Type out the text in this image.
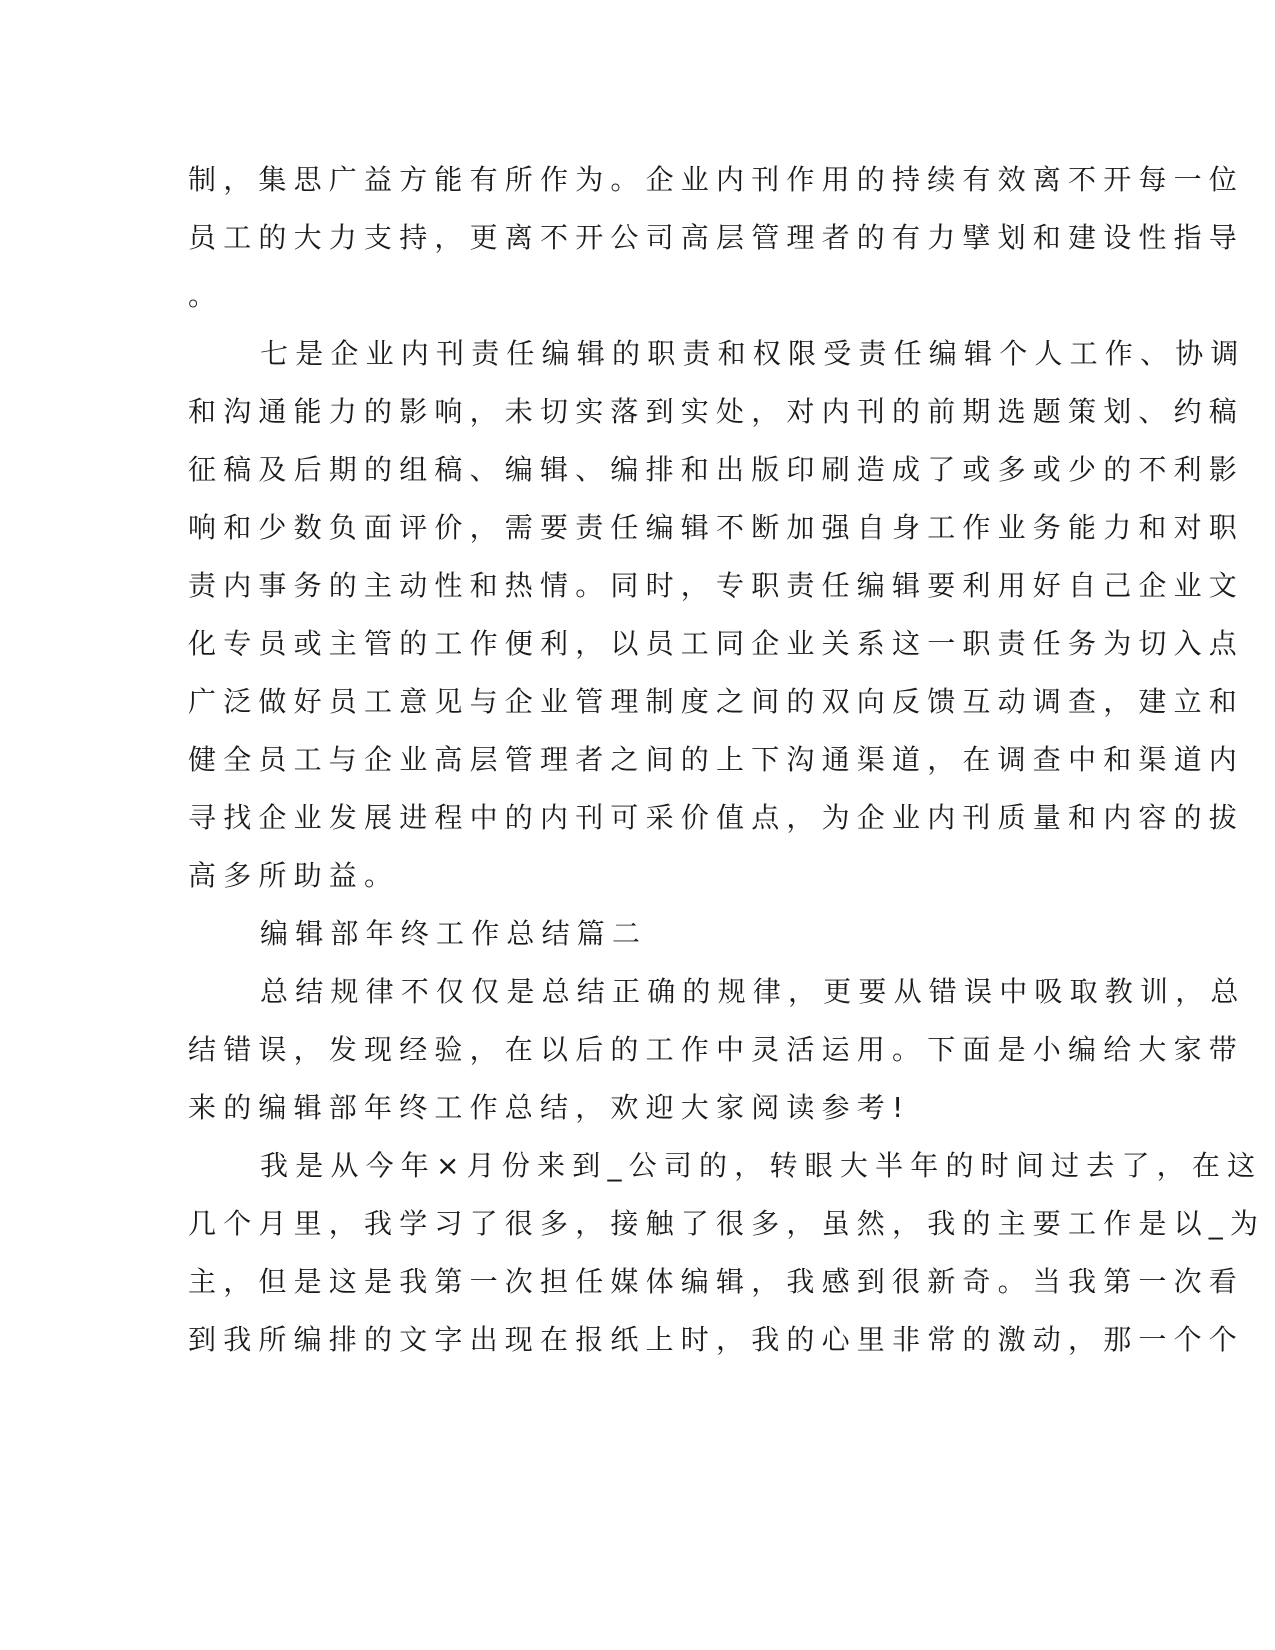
制，集思广益方能有所作为。企业内刊作用的持续有效离不开每一位

员工的大力支持，更离不开公司高层管理者的有力擘划和建设性指导

。

七是企业内刊责任编辑的职责和权限受责任编辑个人工作、协调

和沟通能力的影响，未切实落到实处，对内刊的前期选题策划、约稿

征稿及后期的组稿、编辑、编排和出版印刷造成了或多或少的不利影

响和少数负面评价，需要责任编辑不断加强自身工作业务能力和对职

责内事务的主动性和热情。同时，专职责任编辑要利用好自己企业文

化专员或主管的工作便利，以员工同企业关系这一职责任务为切入点

广泛做好员工意见与企业管理制度之间的双向反馈互动调查，建立和

健全员工与企业高层管理者之间的上下沟通渠道，在调查中和渠道内

寻找企业发展进程中的内刊可采价值点，为企业内刊质量和内容的拔

高多所助益。

编辑部年终工作总结篇二

总结规律不仅仅是总结正确的规律，更要从错误中吸取教训，总

结错误，发现经验，在以后的工作中灵活运用。下面是小编给大家带

来的编辑部年终工作总结，欢迎大家阅读参考!

我是从今年×月份来到_公司的，转眼大半年的时间过去了，在这

几个月里，我学习了很多，接触了很多，虽然，我的主要工作是以_为

主，但是这是我第一次担任媒体编辑，我感到很新奇。当我第一次看

到我所编排的文字出现在报纸上时，我的心里非常的激动，那一个个
